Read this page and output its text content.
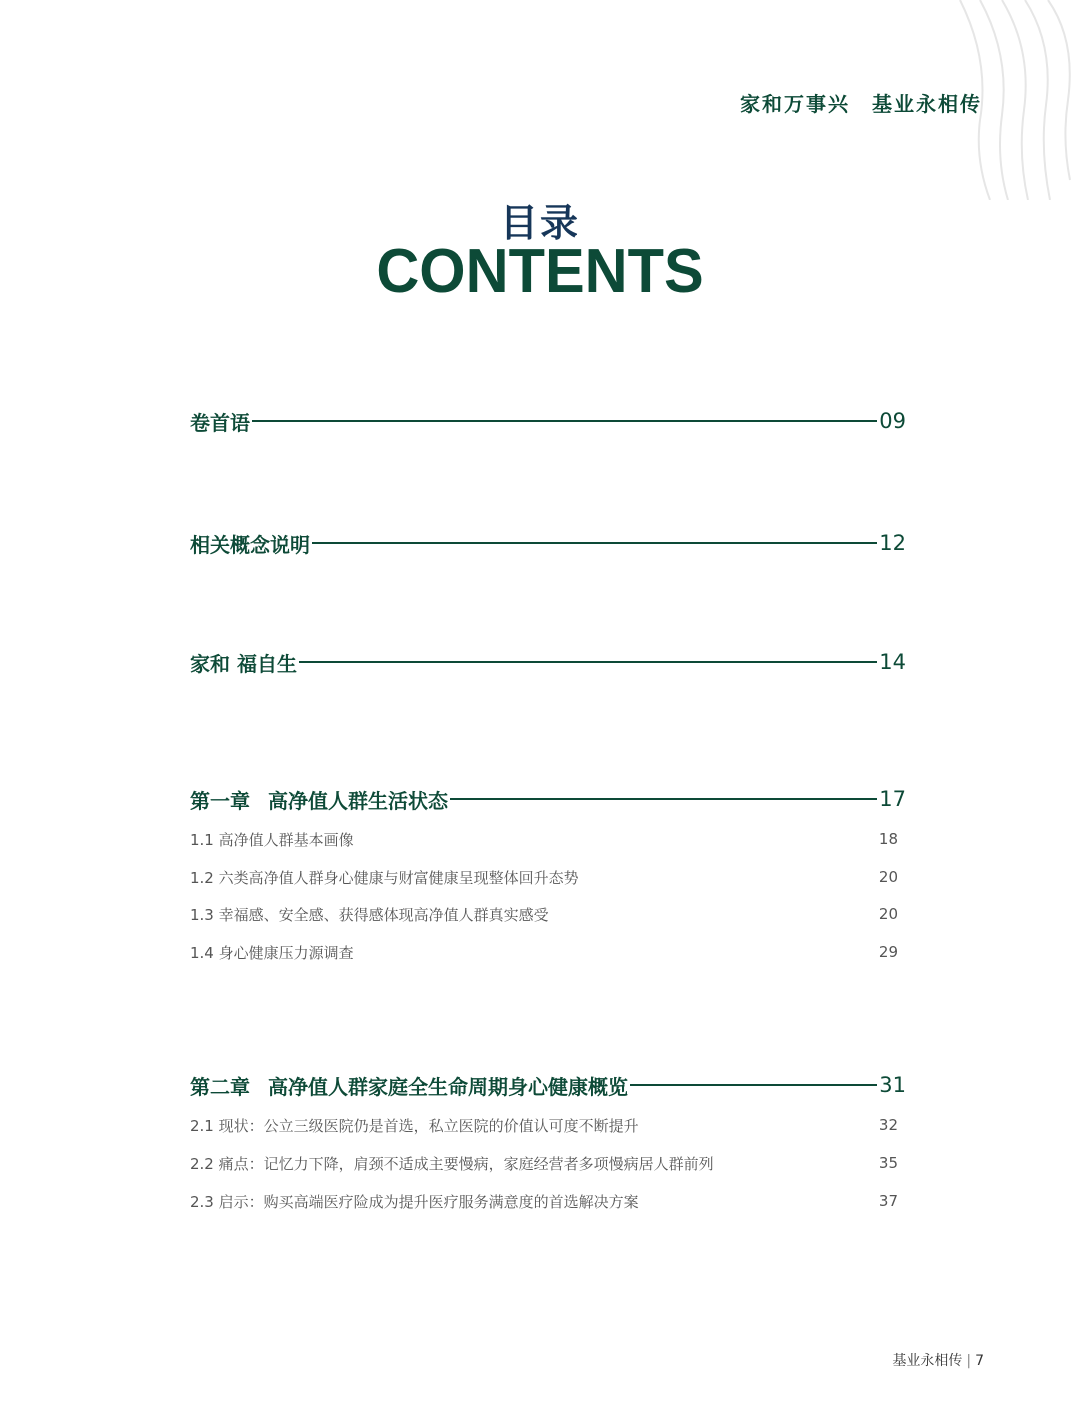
家和万事兴 基业永相传
目录
CONTENTS
卷首语	09
相关概念说明	12
家和 福自生	14
第一章 高净值人群生活状态	17
1.1 高净值人群基本画像	18
1.2 六类高净值人群身心健康与财富健康呈现整体回升态势	20
1.3 幸福感、安全感、获得感体现高净值人群真实感受	20
1.4 身心健康压力源调查	29
第二章 高净值人群家庭全生命周期身心健康概览	31
2.1 现状：公立三级医院仍是首选，私立医院的价值认可度不断提升	32
2.2 痛点：记忆力下降，肩颈不适成主要慢病，家庭经营者多项慢病居人群前列	35
2.3 启示：购买高端医疗险成为提升医疗服务满意度的首选解决方案	37
基业永相传 | 7
